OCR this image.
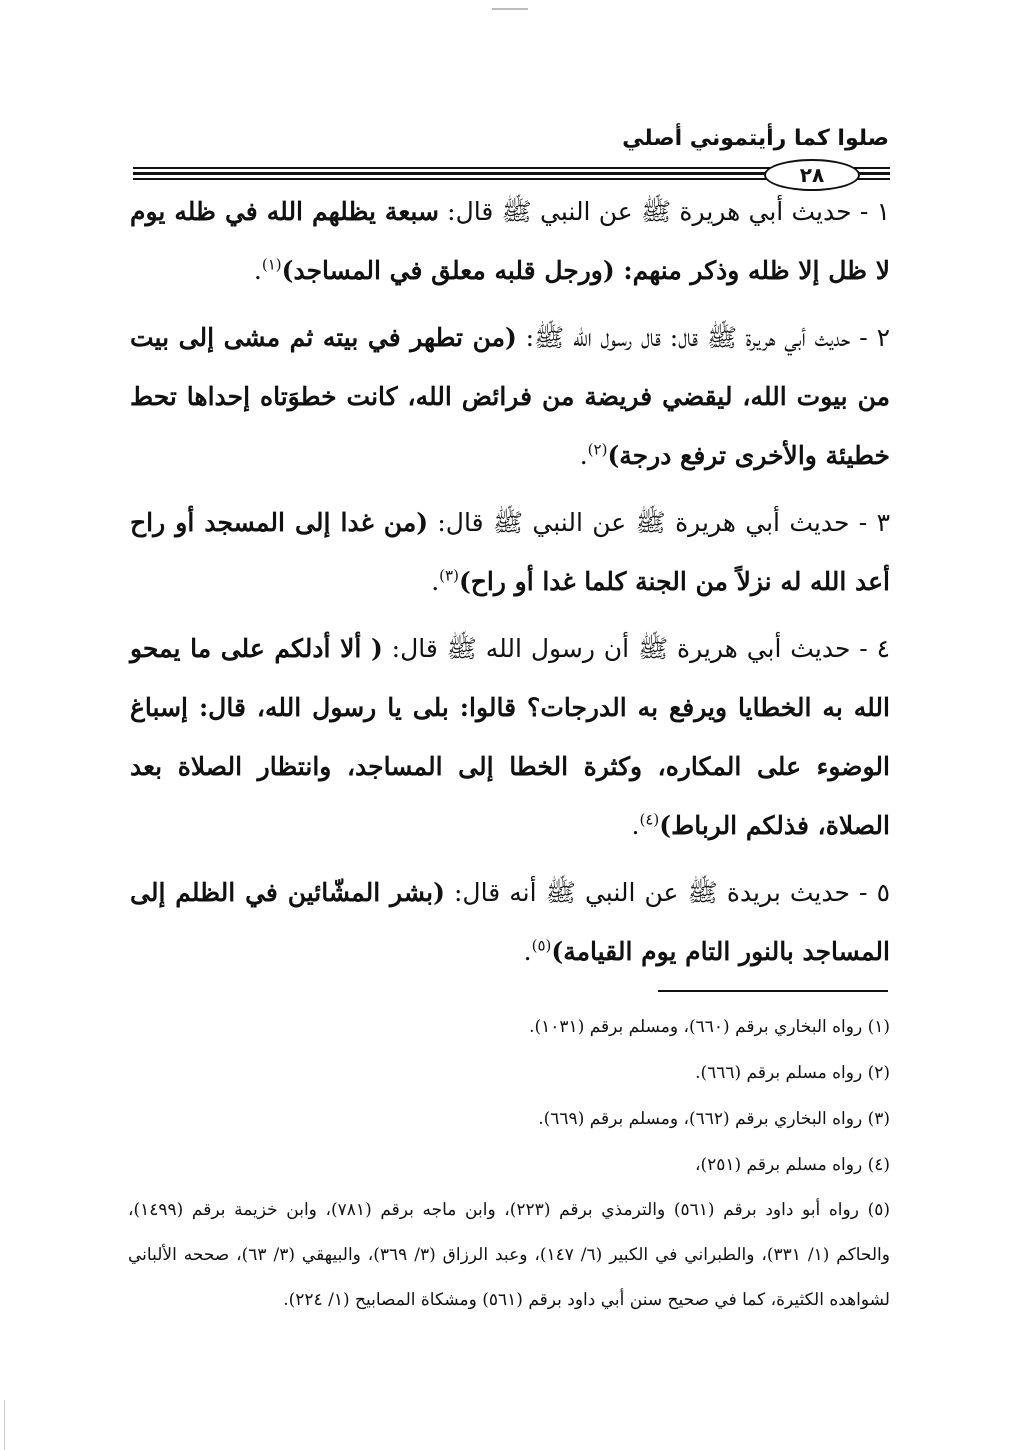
صلوا كما رأيتموني أصلي
٢٨

١ - حديث أبي هريرة ﷺ عن النبي ﷺ قال: سبعة يظلهم الله في ظله يوم لا ظل إلا ظله وذكر منهم: (ورجل قلبه معلق في المساجد)$^{(١)}$.

٢ - حديث أبي هريرة ﷺ قال: قال رسول الله ﷺ: (من تطهر في بيته ثم مشى إلى بيت من بيوت الله، ليقضي فريضة من فرائض الله، كانت خطوَتاه إحداها تحط خطيئة والأخرى ترفع درجة)$^{(٢)}$.

٣ - حديث أبي هريرة ﷺ عن النبي ﷺ قال: (من غدا إلى المسجد أو راح أعد الله له نزلاً من الجنة كلما غدا أو راح)$^{(٣)}$.

٤ - حديث أبي هريرة ﷺ أن رسول الله ﷺ قال: ( ألا أدلكم على ما يمحو الله به الخطايا ويرفع به الدرجات؟ قالوا: بلى يا رسول الله، قال: إسباغ الوضوء على المكاره، وكثرة الخطا إلى المساجد، وانتظار الصلاة بعد الصلاة، فذلكم الرباط)$^{(٤)}$.

٥ - حديث بريدة ﷺ عن النبي ﷺ أنه قال: (بشر المشّائين في الظلم إلى المساجد بالنور التام يوم القيامة)$^{(٥)}$.

(١) رواه البخاري برقم (٦٦٠)، ومسلم برقم (١٠٣١).

(٢) رواه مسلم برقم (٦٦٦).

(٣) رواه البخاري برقم (٦٦٢)، ومسلم برقم (٦٦٩).

(٤) رواه مسلم برقم (٢٥١)،

(٥) رواه أبو داود برقم (٥٦١) والترمذي برقم (٢٢٣)، وابن ماجه برقم (٧٨١)، وابن خزيمة برقم (١٤٩٩)، والحاكم (١/ ٣٣١)، والطبراني في الكبير (٦/ ١٤٧)، وعبد الرزاق (٣/ ٣٦٩)، والبيهقي (٣/ ٦٣)، صححه الألباني لشواهده الكثيرة، كما في صحيح سنن أبي داود برقم (٥٦١) ومشكاة المصابيح (١/ ٢٢٤).
